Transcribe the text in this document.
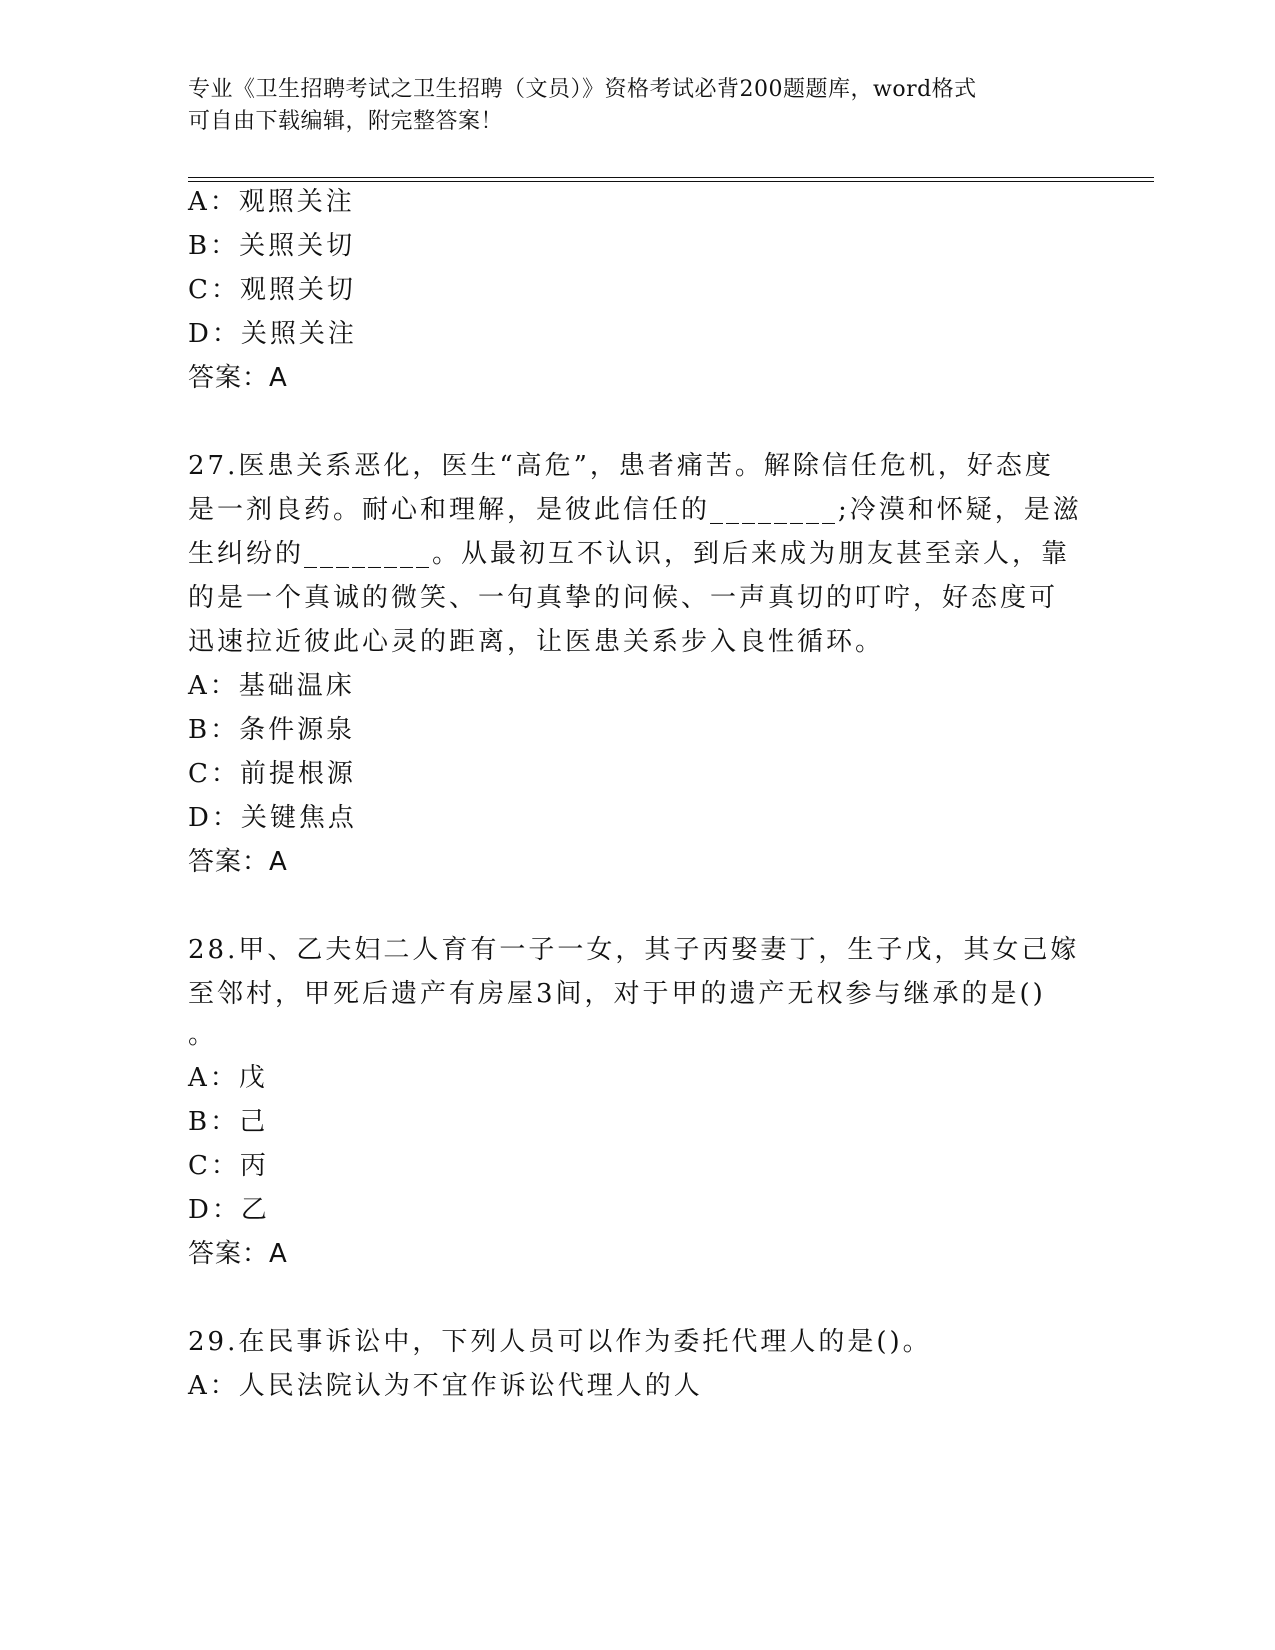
专业《卫生招聘考试之卫生招聘（文员）》资格考试必背200题题库，word格式
可自由下载编辑，附完整答案！
A：观照关注
B：关照关切
C：观照关切
D：关照关注
答案：A
27.医患关系恶化，医生“高危”，患者痛苦。解除信任危机，好态度
是一剂良药。耐心和理解，是彼此信任的________;冷漠和怀疑，是滋
生纠纷的________。从最初互不认识，到后来成为朋友甚至亲人，靠
的是一个真诚的微笑、一句真挚的问候、一声真切的叮咛，好态度可
迅速拉近彼此心灵的距离，让医患关系步入良性循环。
A：基础温床
B：条件源泉
C：前提根源
D：关键焦点
答案：A
28.甲、乙夫妇二人育有一子一女，其子丙娶妻丁，生子戊，其女己嫁
至邻村，甲死后遗产有房屋3间，对于甲的遗产无权参与继承的是()
。
A：戊
B：己
C：丙
D：乙
答案：A
29.在民事诉讼中，下列人员可以作为委托代理人的是()。
A：人民法院认为不宜作诉讼代理人的人
